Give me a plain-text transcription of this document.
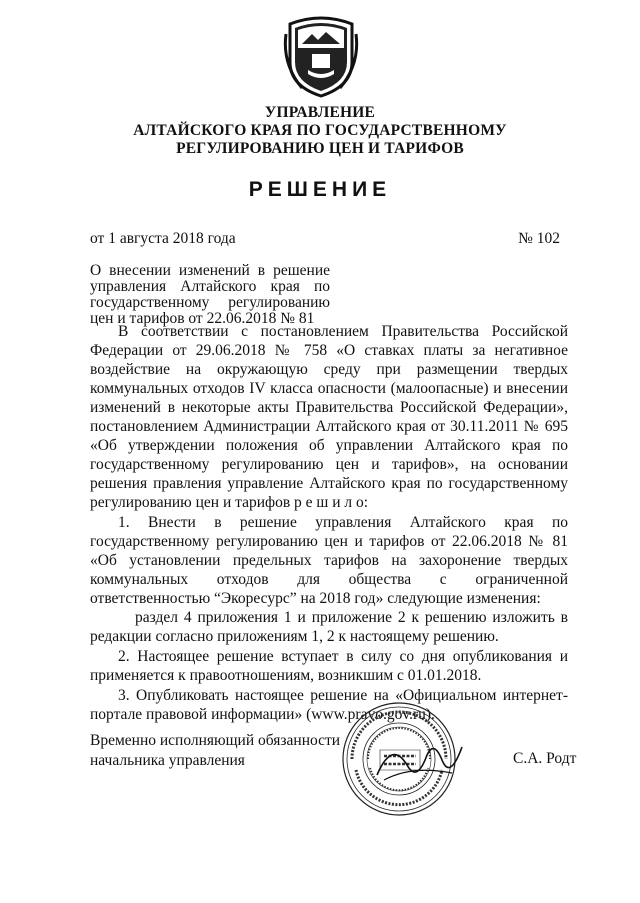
УПРАВЛЕНИЕ
АЛТАЙСКОГО КРАЯ ПО ГОСУДАРСТВЕННОМУ
РЕГУЛИРОВАНИЮ ЦЕН И ТАРИФОВ
РЕШЕНИЕ
от 1 августа 2018 года	№ 102
О внесении изменений в решение
управления Алтайского края по
государственному регулированию
цен и тарифов от 22.06.2018 № 81

В соответствии с постановлением Правительства Российской Федерации от 29.06.2018 № 758 «О ставках платы за негативное воздействие на окружающую среду при размещении твердых коммунальных отходов IV класса опасности (малоопасные) и внесении изменений в некоторые акты Правительства Российской Федерации», постановлением Администрации Алтайского края от 30.11.2011 № 695 «Об утверждении положения об управлении Алтайского края по государственному регулированию цен и тарифов», на основании решения правления управление Алтайского края по государственному регулированию цен и тарифов р е ш и л о:

1. Внести в решение управления Алтайского края по государственному регулированию цен и тарифов от 22.06.2018 № 81 «Об установлении предельных тарифов на захоронение твердых коммунальных отходов для общества с ограниченной ответственностью “Экоресурс” на 2018 год» следующие изменения:

раздел 4 приложения 1 и приложение 2 к решению изложить в редакции согласно приложениям 1, 2 к настоящему решению.

2. Настоящее решение вступает в силу со дня опубликования и применяется к правоотношениям, возникшим с 01.01.2018.

3. Опубликовать настоящее решение на «Официальном интернет-портале правовой информации» (www.pravo.gov.ru).

Временно исполняющий обязанности
начальника управления	С.А. Родт
